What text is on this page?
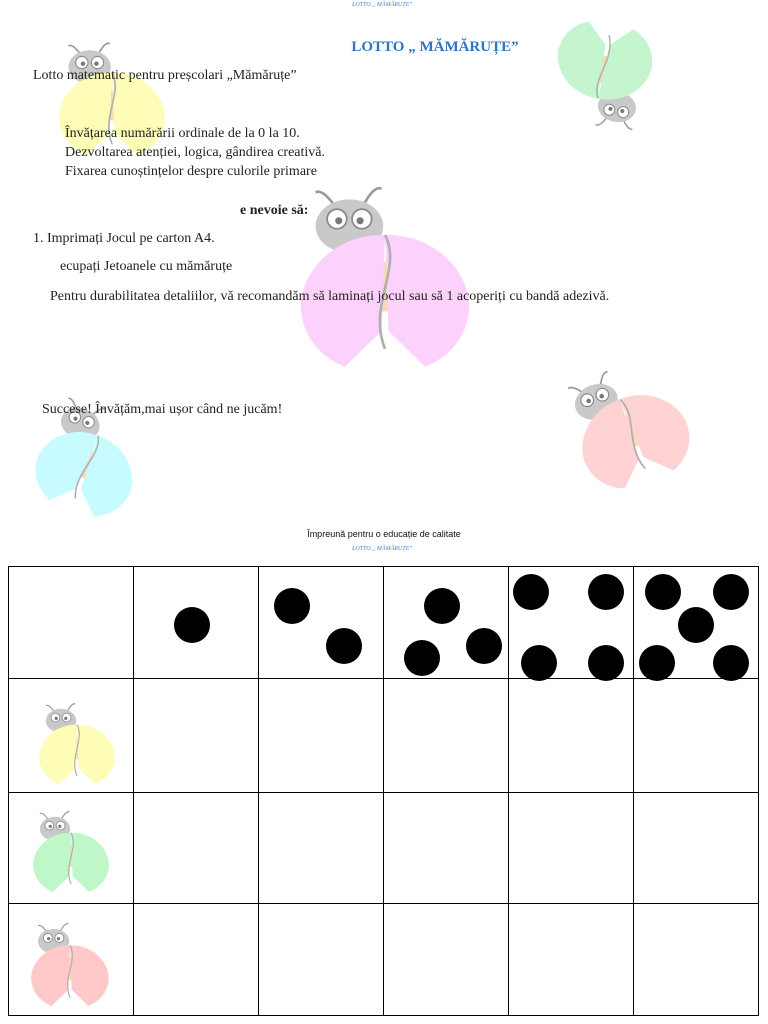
LOTTO „ MĂMĂRUȚE”
LOTTO „ MĂMĂRUȚE”
Lotto matematic pentru preșcolari „Mămăruțe”
Învățarea numărării ordinale de la 0 la 10.
Dezvoltarea atenției, logica, gândirea creativă.
Fixarea cunoștințelor despre culorile primare
e nevoie să:
1. Imprimați Jocul pe carton A4.
ecupați Jetoanele cu mămăruțe
Pentru durabilitatea detaliilor, vă recomandăm să laminați jocul sau să 1 acoperiți cu bandă adezivă.
Succese! Învățăm,mai ușor când ne jucăm!
Împreună pentru o educație de calitate
LOTTO „ MĂMĂRUȚE”
